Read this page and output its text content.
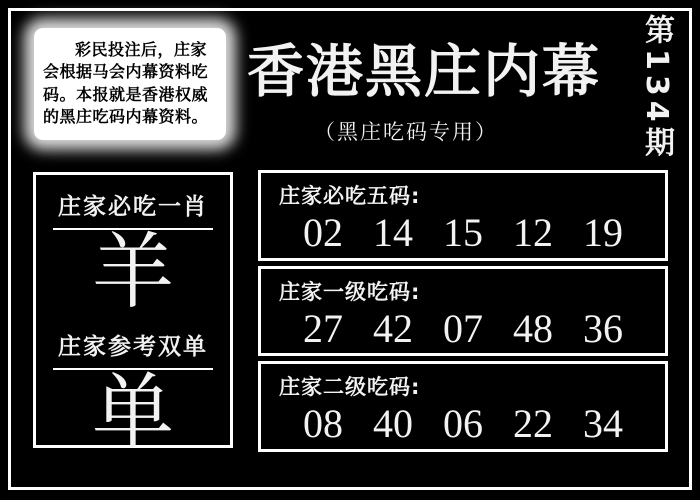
彩民投注后，庄家
会根据马会内幕资料吃
码。本报就是香港权威
的黑庄吃码内幕资料。
香港黑庄内幕
（黑庄吃码专用）	第134期
庄家必吃一肖
羊
庄家参考双单
单
庄家必吃五码:
02 14 15 12 19
庄家一级吃码:
27 42 07 48 36
庄家二级吃码:
08 40 06 22 34
